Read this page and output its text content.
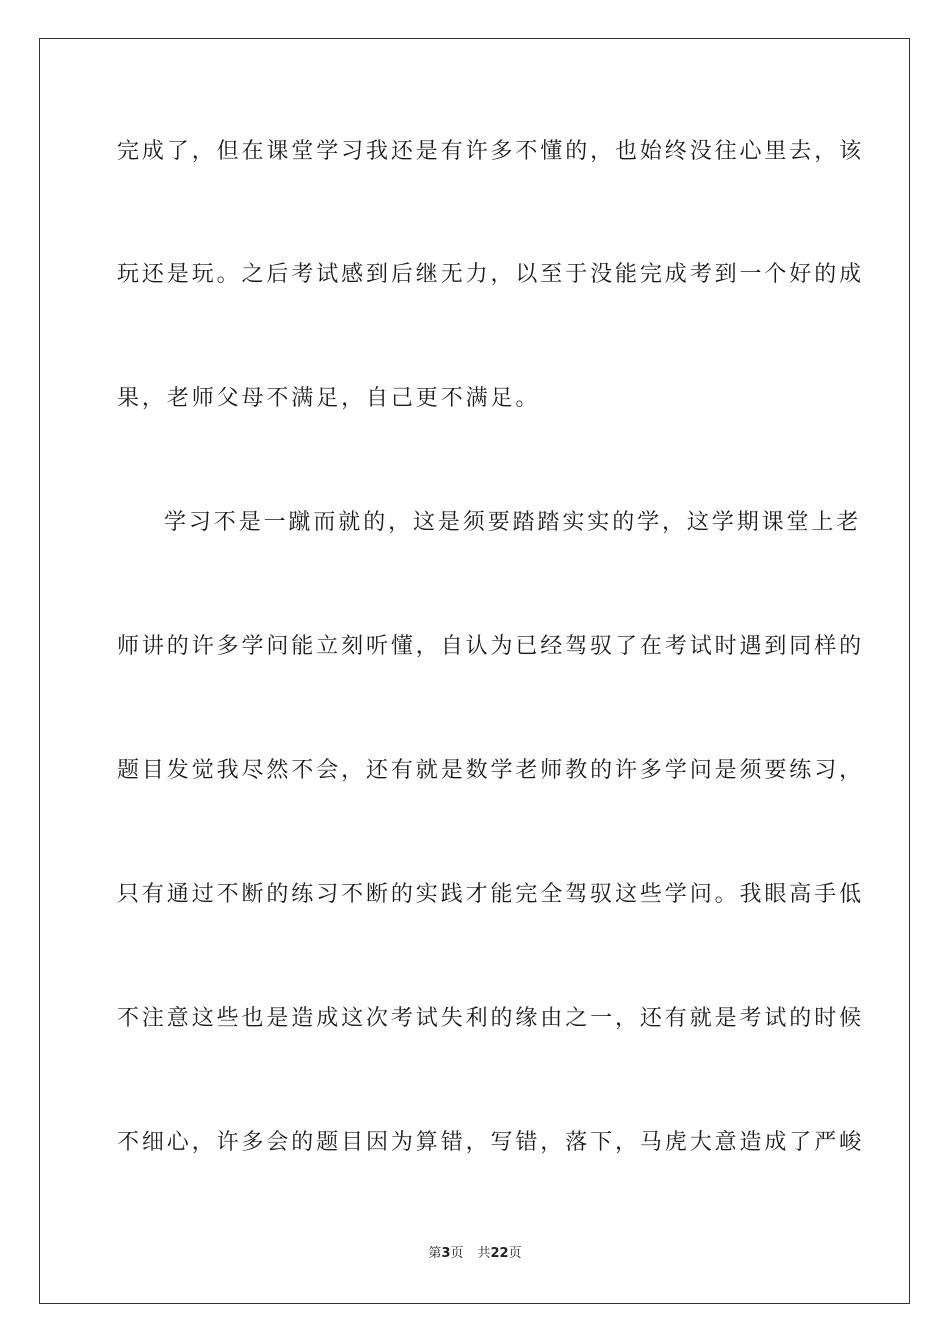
完成了，但在课堂学习我还是有许多不懂的，也始终没往心里去，该
玩还是玩。之后考试感到后继无力，以至于没能完成考到一个好的成
果，老师父母不满足，自己更不满足。
学习不是一蹴而就的，这是须要踏踏实实的学，这学期课堂上老
师讲的许多学问能立刻听懂，自认为已经驾驭了在考试时遇到同样的
题目发觉我尽然不会，还有就是数学老师教的许多学问是须要练习，
只有通过不断的练习不断的实践才能完全驾驭这些学问。我眼高手低
不注意这些也是造成这次考试失利的缘由之一，还有就是考试的时候
不细心，许多会的题目因为算错，写错，落下，马虎大意造成了严峻
第3页 共22页
